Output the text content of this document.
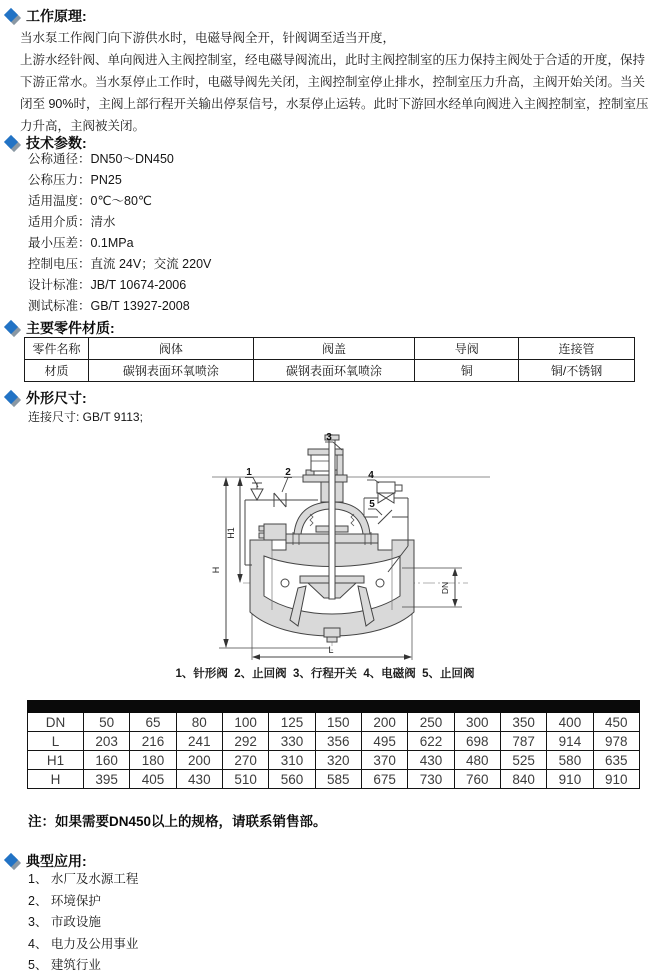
工作原理:
当水泵工作阀门向下游供水时，电磁导阀全开，针阀调至适当开度，
上游水经针阀、单向阀进入主阀控制室，经电磁导阀流出，此时主阀控制室的压力保持主阀处于合适的开度，保持
下游正常水。当水泵停止工作时，电磁导阀先关闭，主阀控制室停止排水，控制室压力升高，主阀开始关闭。当关
闭至 90%时，主阀上部行程开关输出停泵信号，水泵停止运转。此时下游回水经单向阀进入主阀控制室，控制室压
力升高，主阀被关闭。
技术参数:
公称通径：DN50～DN450
公称压力：PN25
适用温度：0℃～80℃
适用介质：清水
最小压差：0.1MPa
控制电压：直流 24V；交流 220V
设计标准：JB/T 10674-2006
测试标准：GB/T 13927-2008
主要零件材质:
零件名称	阀体	阀盖	导阀	连接管
材质	碳钢表面环氧喷涂	碳钢表面环氧喷涂	铜	铜/不锈钢
外形尺寸:
连接尺寸: GB/T 9113;
1	2
3
4
5
H
H1
DN
L
1、针形阀  2、止回阀  3、行程开关  4、电磁阀  5、止回阀

DN	50	65	80	100	125	150	200	250	300	350	400	450
L	203	216	241	292	330	356	495	622	698	787	914	978
H1	160	180	200	270	310	320	370	430	480	525	580	635
H	395	405	430	510	560	585	675	730	760	840	910	910
注：如果需要DN450以上的规格，请联系销售部。
典型应用:
1、 水厂及水源工程
2、 环境保护
3、 市政设施
4、 电力及公用事业
5、 建筑行业
